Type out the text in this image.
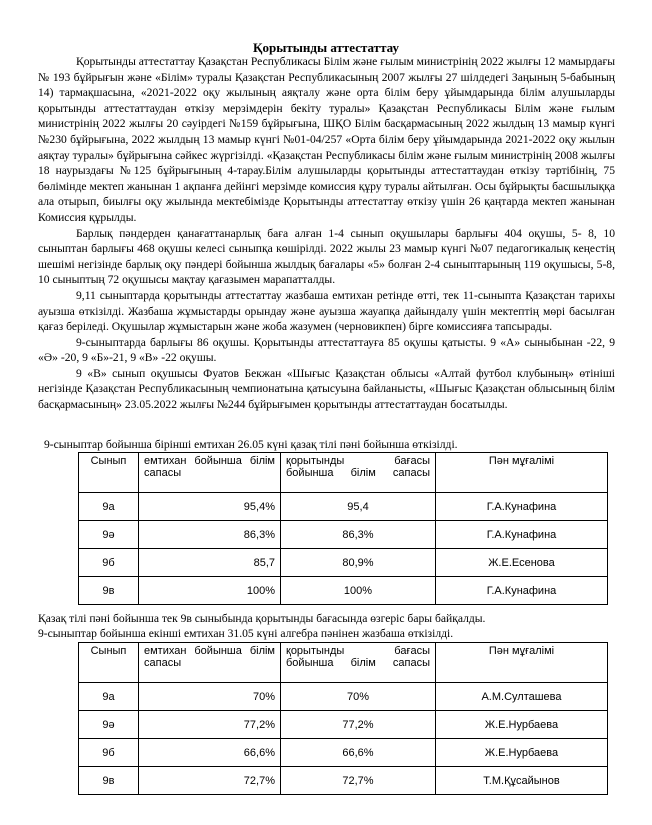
Қорытынды аттестаттау

Қорытынды аттестаттау Қазақстан Республикасы Білім және ғылым министрінің 2022 жылғы 12 мамырдағы № 193 бұйрығын және «Білім» туралы Қазақстан Республикасының 2007 жылғы 27 шілдедегі Заңының 5-бабының 14) тармақшасына, «2021-2022 оқу жылының аяқталу және орта білім беру ұйымдарында білім алушыларды қорытынды аттестаттаудан өткізу мерзімдерін бекіту туралы» Қазақстан Республикасы Білім және ғылым министрінің 2022 жылғы 20 сәуірдегі №159 бұйрығына, ШҚО Білім басқармасының 2022 жылдың 13 мамыр күнгі №230 бұйрығына, 2022 жылдың 13 мамыр күнгі №01-04/257 «Орта білім беру ұйымдарында 2021-2022 оқу жылын аяқтау туралы» бұйрығына сәйкес жүргізілді. «Қазақстан Республикасы білім және ғылым министрінің 2008 жылғы 18 наурыздағы №125 бұйрығының 4-тарау.Білім алушыларды қорытынды аттестаттаудан өткізу тәртібінің, 75 бөлімінде мектеп жанынан 1 ақпанға дейінгі мерзімде комиссия құру туралы айтылған. Осы бұйрықты басшылыққа ала отырып, биылғы оқу жылында мектебімізде Қорытынды аттестаттау өткізу үшін 26 қаңтарда мектеп жанынан Комиссия құрылды.

Барлық пәндерден қанағаттанарлық баға алған 1-4 сынып оқушылары барлығы 404 оқушы, 5- 8, 10 сыныптан барлығы 468 оқушы келесі сыныпқа көшірілді. 2022 жылы 23 мамыр күнгі №07 педагогикалық кеңестің шешімі негізінде барлық оқу пәндері бойынша жылдық бағалары «5» болған 2-4 сыныптарының 119 оқушысы, 5-8, 10 сыныптың 72 оқушысы мақтау қағазымен марапатталды.

9,11 сыныптарда қорытынды аттестаттау жазбаша емтихан ретінде өтті, тек 11-сыныпта Қазақстан тарихы ауызша өткізілді. Жазбаша жұмыстарды орындау және ауызша жауапқа дайындалу үшін мектептің мөрі басылған қағаз беріледі. Оқушылар жұмыстарын және жоба жазумен (черновикпен) бірге комиссияға тапсырады.

9-сыныптарда барлығы 86 оқушы. Қорытынды аттестаттауға 85 оқушы қатысты. 9 «А» сыныбынан -22, 9 «Ә» -20, 9 «Б»-21, 9 «В» -22 оқушы.

9 «В» сынып оқушысы Фуатов Бекжан «Шығыс Қазақстан облысы «Алтай футбол клубының» өтініші негізінде Қазақстан Республикасының чемпионатына қатысуына байланысты, «Шығыс Қазақстан облысының білім басқармасының» 23.05.2022 жылғы №244 бұйрығымен қорытынды аттестаттаудан босатылды.

9-сыныптар бойынша бірінші емтихан 26.05 күні қазақ тілі пәні бойынша өткізілді.
Сынып	емтихан бойынша білім сапасы	қорытынды бағасы бойынша білім сапасы	Пән мұғалімі
9а	95,4%	95,4	Г.А.Кунафина
9ә	86,3%	86,3%	Г.А.Кунафина
9б	85,7	80,9%	Ж.Е.Есенова
9в	100%	100%	Г.А.Кунафина
Қазақ тілі пәні бойынша тек 9в сыныбында қорытынды бағасында өзгеріс бары байқалды.
9-сыныптар бойынша екінші емтихан 31.05 күні алгебра пәнінен жазбаша өткізілді.
Сынып	емтихан бойынша білім сапасы	қорытынды бағасы бойынша білім сапасы	Пән мұғалімі
9а	70%	70%	А.М.Султашева
9ә	77,2%	77,2%	Ж.Е.Нурбаева
9б	66,6%	66,6%	Ж.Е.Нурбаева
9в	72,7%	72,7%	Т.М.Құсайынов
